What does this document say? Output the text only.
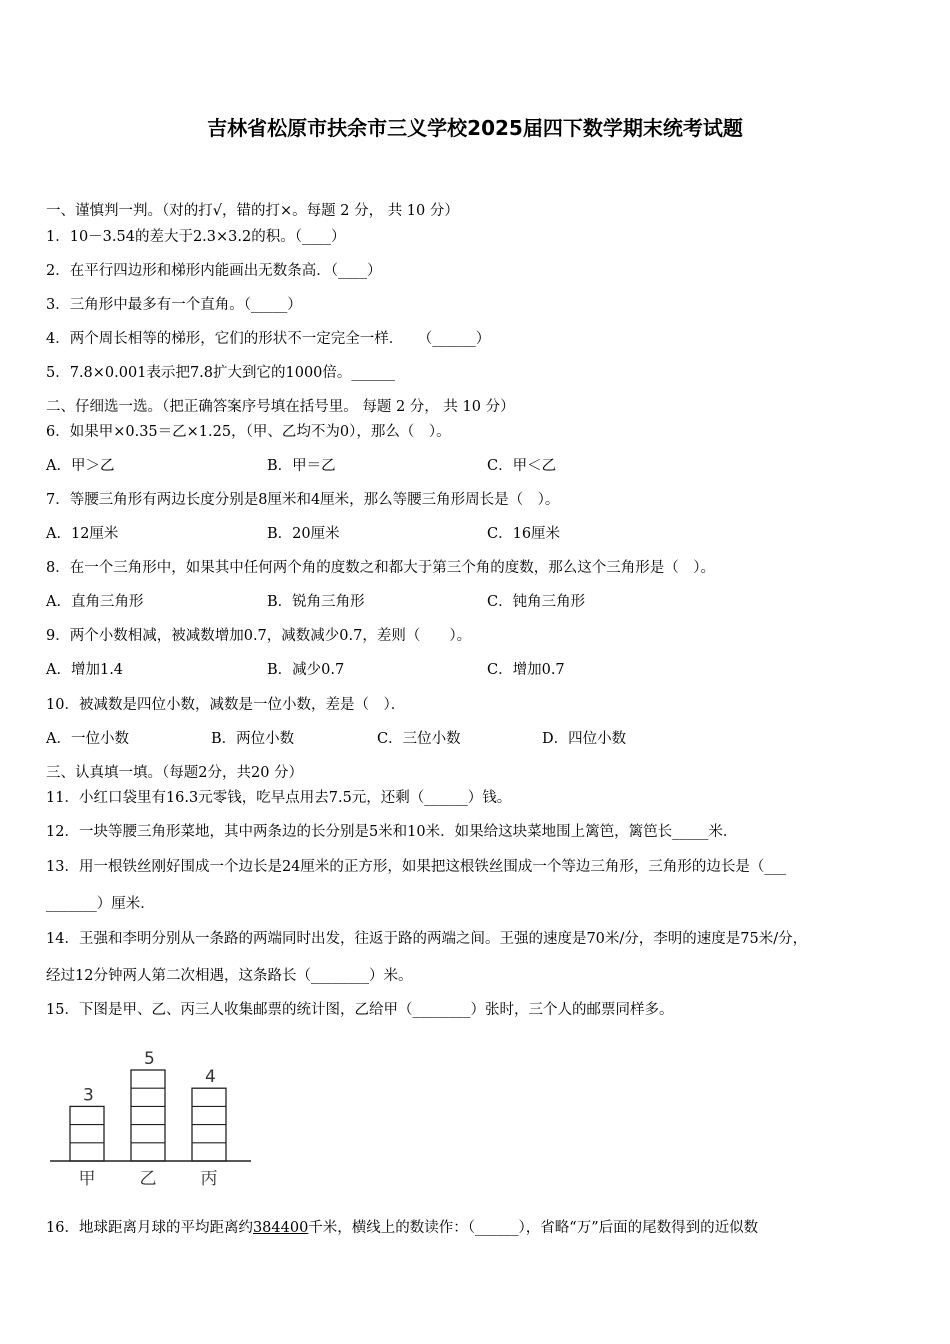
吉林省松原市扶余市三义学校2025届四下数学期末统考试题
一、谨慎判一判。（对的打√，错的打×。每题 2 分， 共 10 分）
1．10－3.54的差大于2.3×3.2的积。（____）
2．在平行四边形和梯形内能画出无数条高．（____）
3．三角形中最多有一个直角。（_____）
4．两个周长相等的梯形，它们的形状不一定完全一样．　　（______）
5．7.8×0.001表示把7.8扩大到它的1000倍。______
二、仔细选一选。（把正确答案序号填在括号里。 每题 2 分， 共 10 分）
6．如果甲×0.35＝乙×1.25，（甲、乙均不为0），那么（　）。
A．甲＞乙	B．甲＝乙	C．甲＜乙
7．等腰三角形有两边长度分别是8厘米和4厘米，那么等腰三角形周长是（　）。
A．12厘米	B．20厘米	C．16厘米
8．在一个三角形中，如果其中任何两个角的度数之和都大于第三个角的度数，那么这个三角形是（　）。
A．直角三角形	B．锐角三角形	C．钝角三角形
9．两个小数相减，被减数增加0.7，减数减少0.7，差则（　　）。
A．增加1.4	B．减少0.7	C．增加0.7
10．被减数是四位小数，减数是一位小数，差是（　）．
A．一位小数	B．两位小数	C．三位小数	D．四位小数
三、认真填一填。（每题2分，共20 分）
11．小红口袋里有16.3元零钱，吃早点用去7.5元，还剩（______）钱。
12．一块等腰三角形菜地，其中两条边的长分别是5米和10米．如果给这块菜地围上篱笆，篱笆长_____米．
13．用一根铁丝刚好围成一个边长是24厘米的正方形，如果把这根铁丝围成一个等边三角形，三角形的边长是（___
_______）厘米．
14．王强和李明分别从一条路的两端同时出发，往返于路的两端之间。王强的速度是70米/分，李明的速度是75米/分，
经过12分钟两人第二次相遇，这条路长（________）米。
15．下图是甲、乙、丙三人收集邮票的统计图，乙给甲（________）张时，三个人的邮票同样多。
3
甲
5
乙
4
丙
16．地球距离月球的平均距离约384400千米，横线上的数读作：（______），省略“万”后面的尾数得到的近似数
